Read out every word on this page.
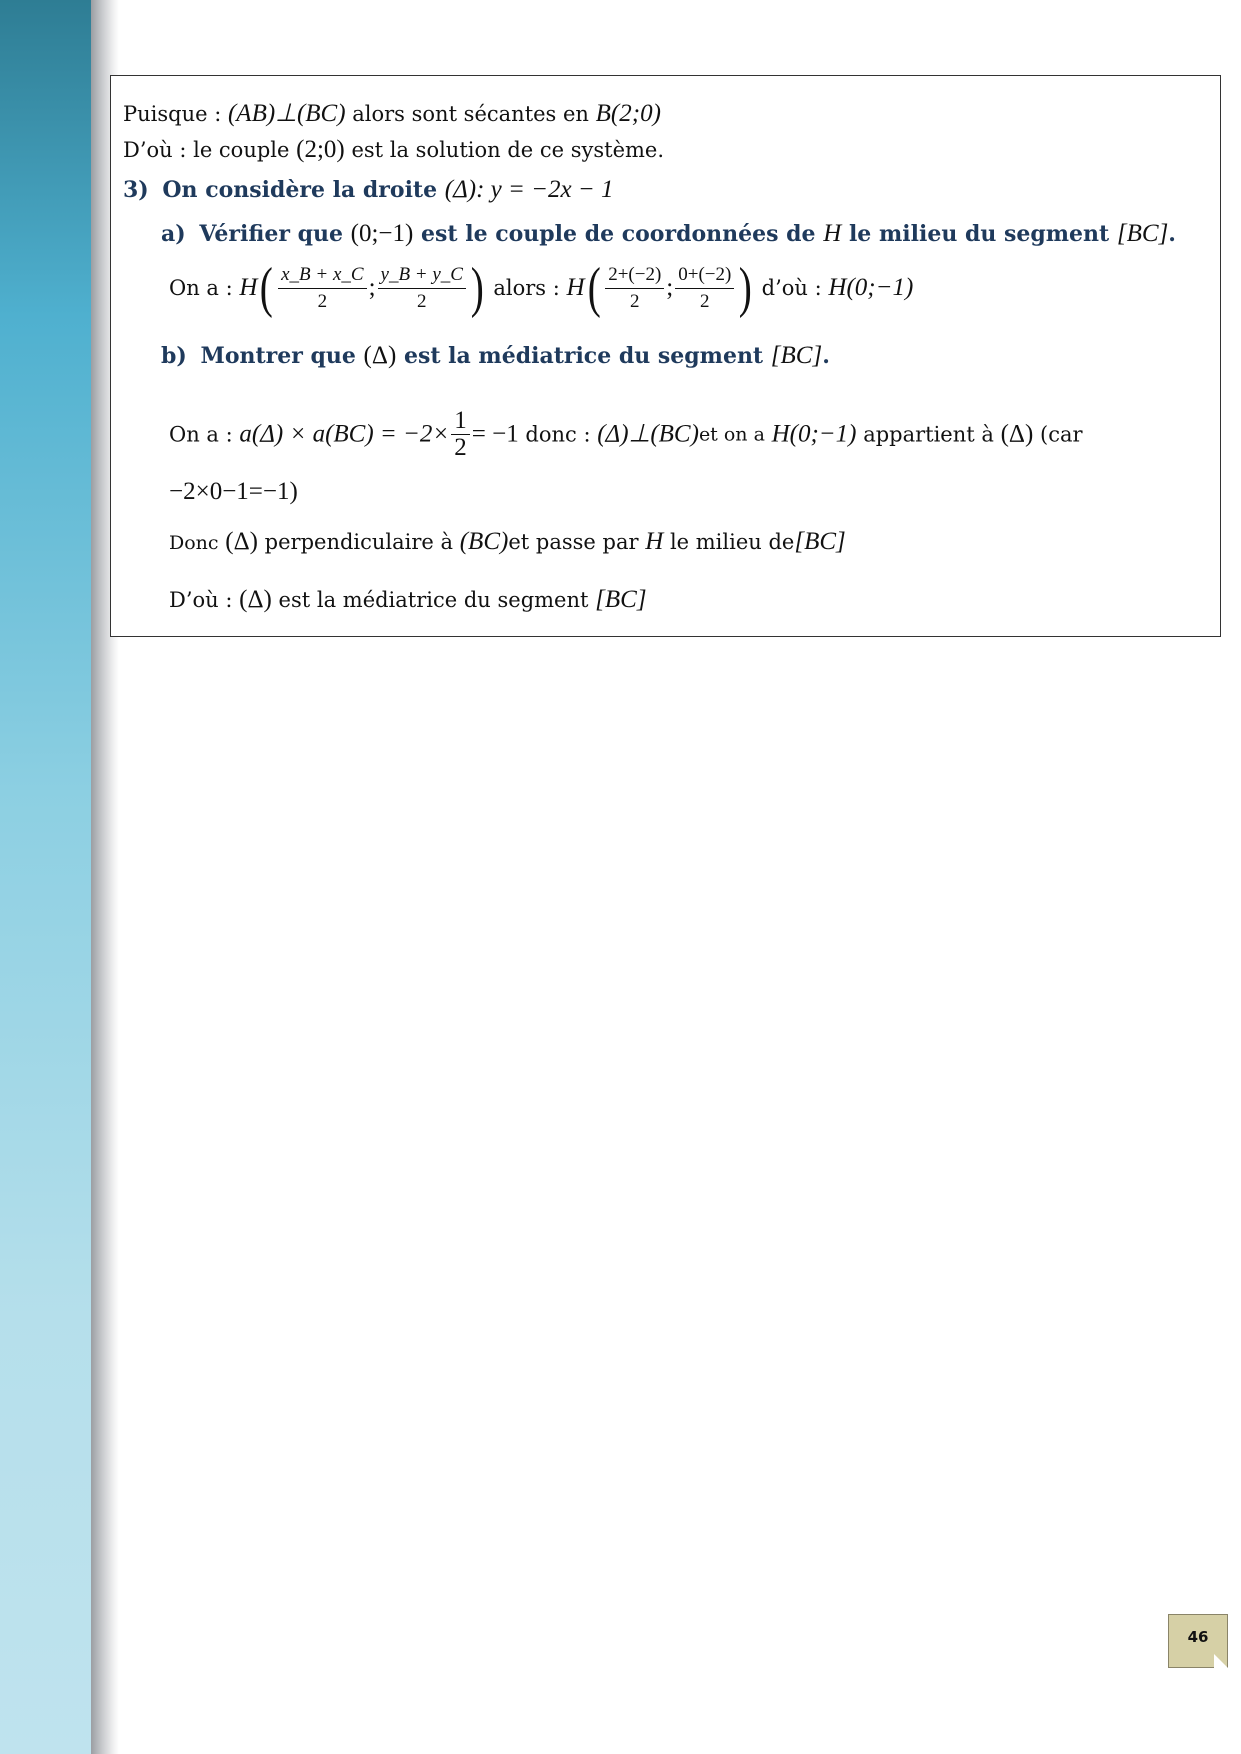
Puisque : (AB)⊥(BC) alors sont sécantes en B(2;0)
D’où : le couple (2;0) est la solution de ce système.
3) On considère la droite (Δ): y = −2x − 1
a) Vérifier que (0;−1) est le couple de coordonnées de H le milieu du segment [BC].
On a : $H( \frac{x\_B + x\_C}{2}$ ; $\frac{y\_B + y\_C}{2}$ ) alors : $H( \frac{2+(-2)}{2}$ ; $\frac{0+(-2)}{2}$ ) d’où : H(0;−1)
b) Montrer que (Δ) est la médiatrice du segment [BC].
On a : $a(\Delta) \times a(BC) = -2\times \frac{1}{2} = -1$ donc : (Δ)⊥(BC)et on a H(0;−1) appartient à (Δ) (car
−2×0−1=−1)
Donc (Δ) perpendiculaire à (BC)et passe par H le milieu de[BC]
D’où : (Δ) est la médiatrice du segment [BC]
46
